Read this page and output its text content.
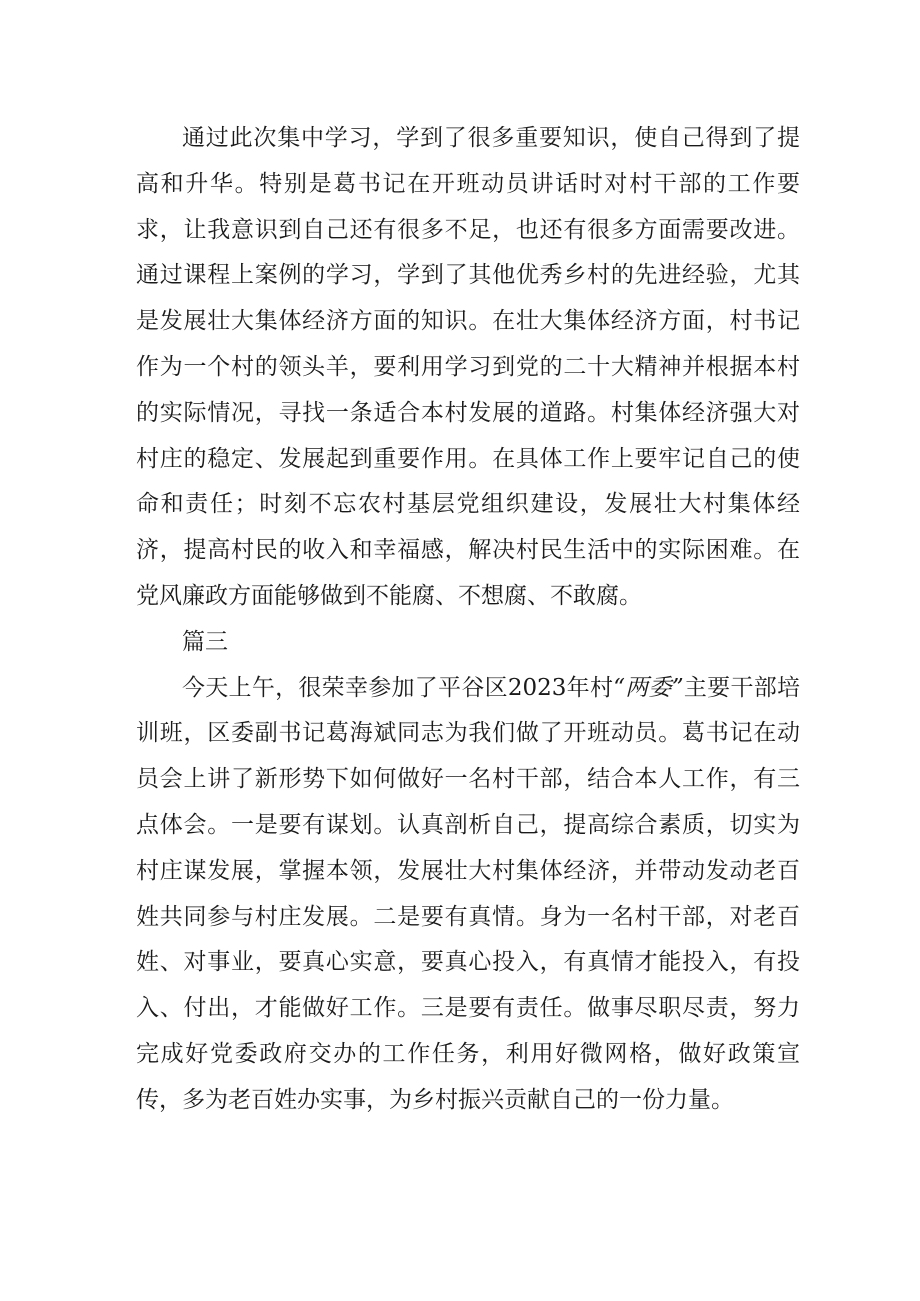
通过此次集中学习，学到了很多重要知识，使自己得到了提高和升华。特别是葛书记在开班动员讲话时对村干部的工作要求，让我意识到自己还有很多不足，也还有很多方面需要改进。通过课程上案例的学习，学到了其他优秀乡村的先进经验，尤其是发展壮大集体经济方面的知识。在壮大集体经济方面，村书记作为一个村的领头羊，要利用学习到党的二十大精神并根据本村的实际情况，寻找一条适合本村发展的道路。村集体经济强大对村庄的稳定、发展起到重要作用。在具体工作上要牢记自己的使命和责任；时刻不忘农村基层党组织建设，发展壮大村集体经济，提高村民的收入和幸福感，解决村民生活中的实际困难。在党风廉政方面能够做到不能腐、不想腐、不敢腐。

篇三

今天上午，很荣幸参加了平谷区2023年村“两委”主要干部培训班，区委副书记葛海斌同志为我们做了开班动员。葛书记在动员会上讲了新形势下如何做好一名村干部，结合本人工作，有三点体会。一是要有谋划。认真剖析自己，提高综合素质，切实为村庄谋发展，掌握本领，发展壮大村集体经济，并带动发动老百姓共同参与村庄发展。二是要有真情。身为一名村干部，对老百姓、对事业，要真心实意，要真心投入，有真情才能投入，有投入、付出，才能做好工作。三是要有责任。做事尽职尽责，努力完成好党委政府交办的工作任务，利用好微网格，做好政策宣传，多为老百姓办实事，为乡村振兴贡献自己的一份力量。
